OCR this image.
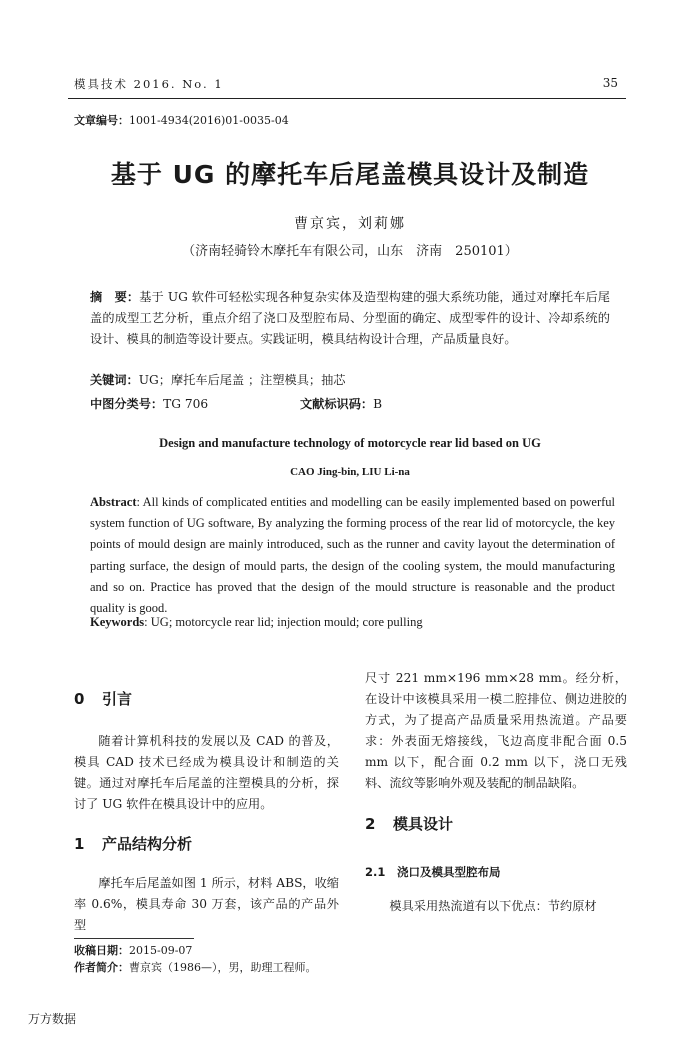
模具技术 2016. No. 1	35
文章编号：1001-4934(2016)01-0035-04
基于 UG 的摩托车后尾盖模具设计及制造
曹京宾，刘莉娜
（济南轻骑铃木摩托车有限公司，山东　济南　250101）
摘　要：基于 UG 软件可轻松实现各种复杂实体及造型构建的强大系统功能，通过对摩托车后尾盖的成型工艺分析，重点介绍了浇口及型腔布局、分型面的确定、成型零件的设计、冷却系统的设计、模具的制造等设计要点。实践证明，模具结构设计合理，产品质量良好。
关键词：UG；摩托车后尾盖 ；注塑模具；抽芯
中图分类号：TG 706	文献标识码：B
Design and manufacture technology of motorcycle rear lid based on UG
CAO Jing-bin, LIU Li-na
Abstract: All kinds of complicated entities and modelling can be easily implemented based on powerful system function of UG software, By analyzing the forming process of the rear lid of motorcycle, the key points of mould design are mainly introduced, such as the runner and cavity layout the determination of parting surface, the design of mould parts, the design of the cooling system, the mould manufacturing and so on. Practice has proved that the design of the mould structure is reasonable and the product quality is good.
Keywords: UG; motorcycle rear lid; injection mould; core pulling
0 引言
随着计算机科技的发展以及 CAD 的普及，模具 CAD 技术已经成为模具设计和制造的关键。通过对摩托车后尾盖的注塑模具的分析，探讨了 UG 软件在模具设计中的应用。
1 产品结构分析
摩托车后尾盖如图 1 所示，材料 ABS，收缩率 0.6%，模具寿命 30 万套，该产品的产品外型
尺寸 221 mm×196 mm×28 mm。经分析，在设计中该模具采用一模二腔排位、侧边进胶的方式，为了提高产品质量采用热流道。产品要求：外表面无熔接线，飞边高度非配合面 0.5 mm 以下，配合面 0.2 mm 以下，浇口无残料、流纹等影响外观及装配的制品缺陷。
2 模具设计
2.1 浇口及模具型腔布局
模具采用热流道有以下优点：节约原材
收稿日期：2015-09-07
作者简介：曹京宾（1986—），男，助理工程师。
万方数据
